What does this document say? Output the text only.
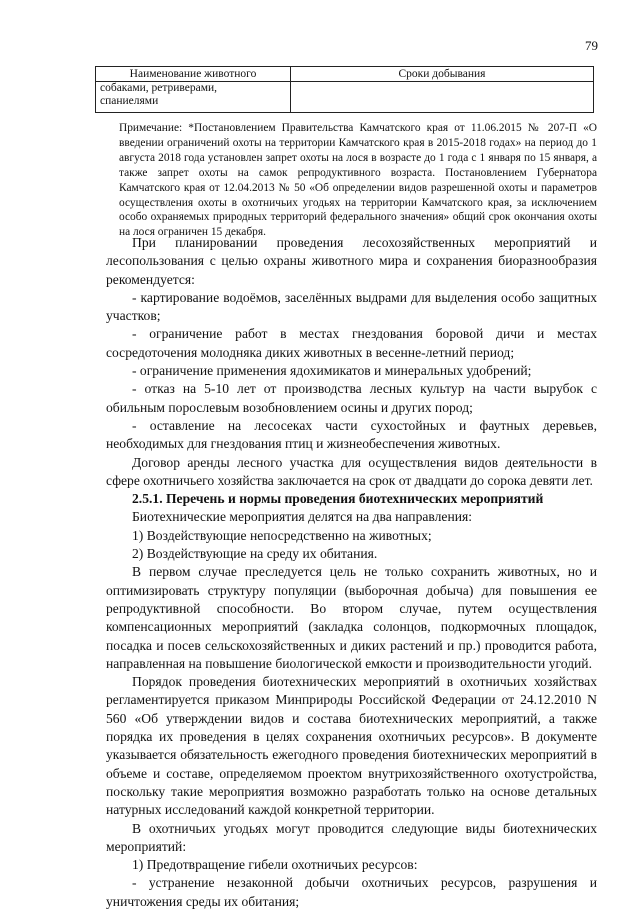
79
Наименование животного	Сроки добывания
собаками, ретриверами,
спаниелями	

Примечание: *Постановлением Правительства Камчатского края от 11.06.2015 № 207-П «О введении ограничений охоты на территории Камчатского края в 2015-2018 годах» на период до 1 августа 2018 года установлен запрет охоты на лося в возрасте до 1 года с 1 января по 15 января, а также запрет охоты на самок репродуктивного возраста. Постановлением Губернатора Камчатского края от 12.04.2013 № 50 «Об определении видов разрешенной охоты и параметров осуществления охоты в охотничьих угодьях на территории Камчатского края, за исключением особо охраняемых природных территорий федерального значения» общий срок окончания охоты на лося ограничен 15 декабря.

При планировании проведения лесохозяйственных мероприятий и лесопользования с целью охраны животного мира и сохранения биоразнообразия рекомендуется:

- картирование водоёмов, заселённых выдрами для выделения особо защитных участков;

- ограничение работ в местах гнездования боровой дичи и местах сосредоточения молодняка диких животных в весенне-летний период;

- ограничение применения ядохимикатов и минеральных удобрений;

- отказ на 5-10 лет от производства лесных культур на части вырубок с обильным порослевым возобновлением осины и других пород;

- оставление на лесосеках части сухостойных и фаутных деревьев, необходимых для гнездования птиц и жизнеобеспечения животных.

Договор аренды лесного участка для осуществления видов деятельности в сфере охотничьего хозяйства заключается на срок от двадцати до сорока девяти лет.

2.5.1. Перечень и нормы проведения биотехнических мероприятий

Биотехнические мероприятия делятся на два направления:

1) Воздействующие непосредственно на животных;

2) Воздействующие на среду их обитания.

В первом случае преследуется цель не только сохранить животных, но и оптимизировать структуру популяции (выборочная добыча) для повышения ее репродуктивной способности. Во втором случае, путем осуществления компенсационных мероприятий (закладка солонцов, подкормочных площадок, посадка и посев сельскохозяйственных и диких растений и пр.) проводится работа, направленная на повышение биологической емкости и производительности угодий.

Порядок проведения биотехнических мероприятий в охотничьих хозяйствах регламентируется приказом Минприроды Российской Федерации от 24.12.2010 N 560 «Об утверждении видов и состава биотехнических мероприятий, а также порядка их проведения в целях сохранения охотничьих ресурсов». В документе указывается обязательность ежегодного проведения биотехнических мероприятий в объеме и составе, определяемом проектом внутрихозяйственного охотустройства, поскольку такие мероприятия возможно разработать только на основе детальных натурных исследований каждой конкретной территории.

В охотничьих угодьях могут проводится следующие виды биотехнических мероприятий:

1) Предотвращение гибели охотничьих ресурсов:

- устранение незаконной добычи охотничьих ресурсов, разрушения и уничтожения среды их обитания;
